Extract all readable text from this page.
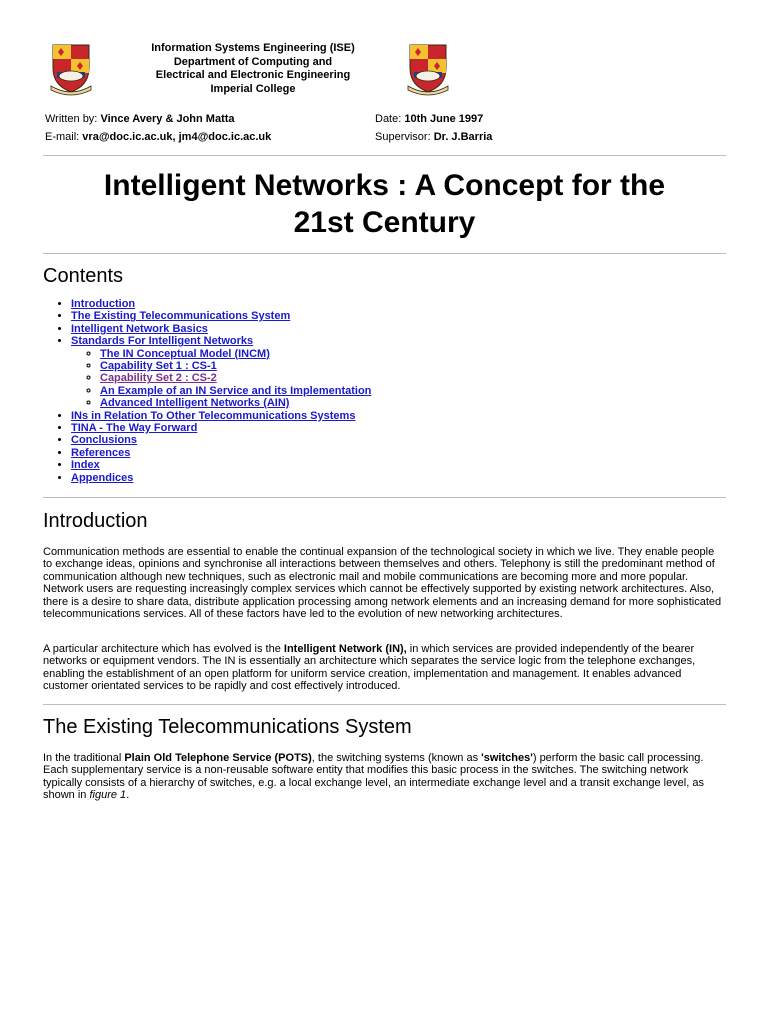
Information Systems Engineering (ISE)
Department of Computing and
Electrical and Electronic Engineering
Imperial College
Written by: Vince Avery & John Matta
E-mail: vra@doc.ic.ac.uk, jm4@doc.ic.ac.uk
Date: 10th June 1997
Supervisor: Dr. J.Barria
Intelligent Networks : A Concept for the
21st Century
Contents
• Introduction
• The Existing Telecommunications System
• Intelligent Network Basics
• Standards For Intelligent Networks
◦ The IN Conceptual Model (INCM)
◦ Capability Set 1 : CS-1
◦ Capability Set 2 : CS-2
◦ An Example of an IN Service and its Implementation
◦ Advanced Intelligent Networks (AIN)
• INs in Relation To Other Telecommunications Systems
• TINA - The Way Forward
• Conclusions
• References
• Index
• Appendices
Introduction

Communication methods are essential to enable the continual expansion of the technological society in which we live. They enable people to exchange ideas, opinions and synchronise all interactions between themselves and others. Telephony is still the predominant method of communication although new techniques, such as electronic mail and mobile communications are becoming more and more popular. Network users are requesting increasingly complex services which cannot be effectively supported by existing network architectures. Also, there is a desire to share data, distribute application processing among network elements and an increasing demand for more sophisticated telecommunications services. All of these factors have led to the evolution of new networking architectures.

A particular architecture which has evolved is the Intelligent Network (IN), in which services are provided independently of the bearer networks or equipment vendors. The IN is essentially an architecture which separates the service logic from the telephone exchanges, enabling the establishment of an open platform for uniform service creation, implementation and management. It enables advanced customer orientated services to be rapidly and cost effectively introduced.

The Existing Telecommunications System

In the traditional Plain Old Telephone Service (POTS), the switching systems (known as 'switches') perform the basic call processing. Each supplementary service is a non-reusable software entity that modifies this basic process in the switches. The switching network typically consists of a hierarchy of switches, e.g. a local exchange level, an intermediate exchange level and a transit exchange level, as shown in figure 1.
